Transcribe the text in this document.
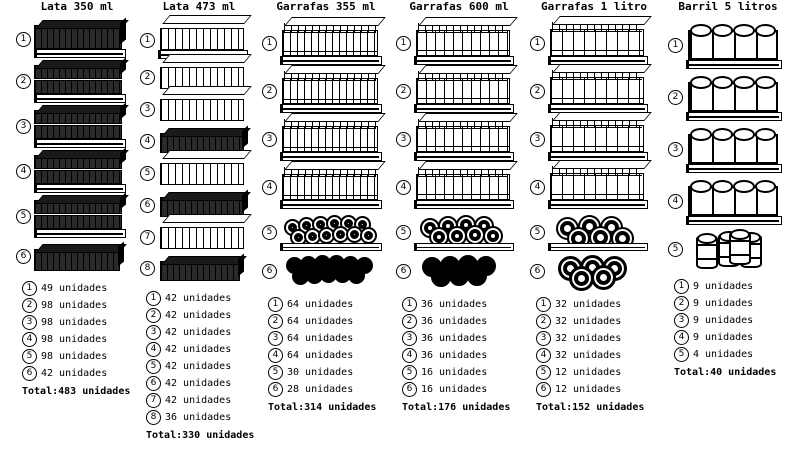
Lata 350 ml
1
2
3
4
5
6
1 49 unidades
2 98 unidades
3 98 unidades
4 98 unidades
5 98 unidades
6 42 unidades
Total:483 unidades
Lata 473 ml
1
2
3
4
5
6
7
8
1 42 unidades
2 42 unidades
3 42 unidades
4 42 unidades
5 42 unidades
6 42 unidades
7 42 unidades
8 36 unidades
Total:330 unidades
Garrafas 355 ml
1
2
3
4
5
6
1 64 unidades
2 64 unidades
3 64 unidades
4 64 unidades
5 30 unidades
6 28 unidades
Total:314 unidades
Garrafas 600 ml
1
2
3
4
5
6
1 36 unidades
2 36 unidades
3 36 unidades
4 36 unidades
5 16 unidades
6 16 unidades
Total:176 unidades
Garrafas 1 litro
1
2
3
4
5
6
1 32 unidades
2 32 unidades
3 32 unidades
4 32 unidades
5 12 unidades
6 12 unidades
Total:152 unidades
Barril 5 litros
1
2
3
4
5
1 9 unidades
2 9 unidades
3 9 unidades
4 9 unidades
5 4 unidades
Total:40 unidades
